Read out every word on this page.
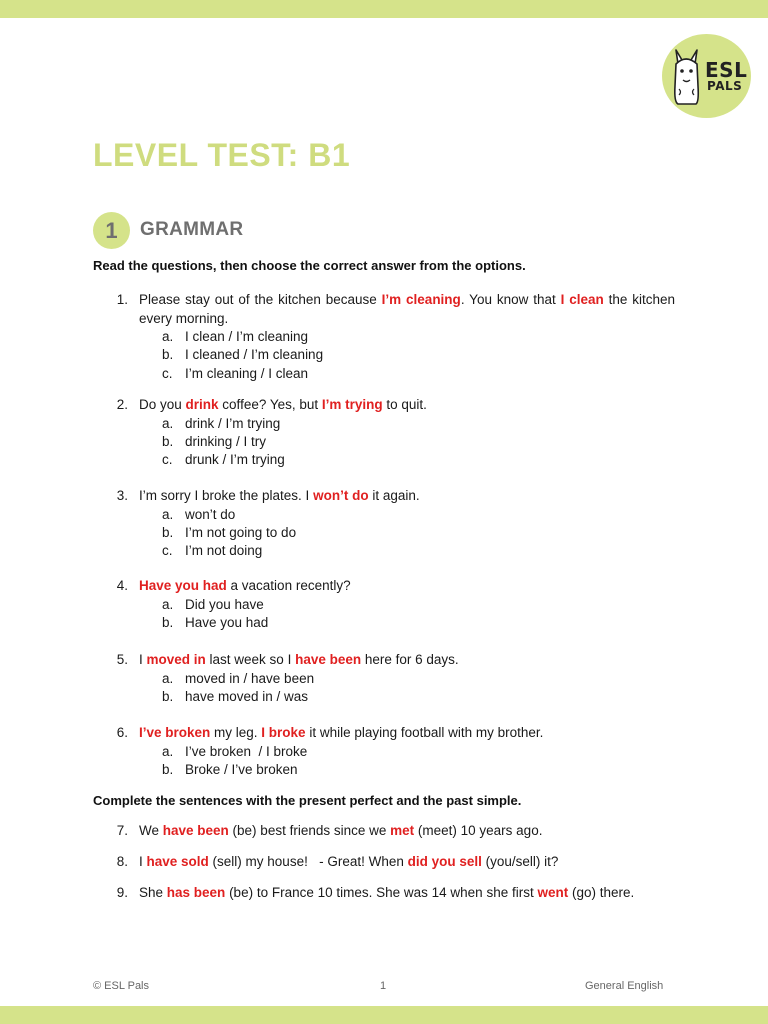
ESL
PALS
LEVEL TEST: B1
1	GRAMMAR
Read the questions, then choose the correct answer from the options.
1. Please stay out of the kitchen because I’m cleaning. You know that I clean the kitchen every morning.
a. I clean / I’m cleaning
b. I cleaned / I’m cleaning
c. I’m cleaning / I clean
2. Do you drink coffee? Yes, but I’m trying to quit.
a. drink / I’m trying
b. drinking / I try
c. drunk / I’m trying
3. I’m sorry I broke the plates. I won’t do it again.
a. won’t do
b. I’m not going to do
c. I’m not doing
4. Have you had a vacation recently?
a. Did you have
b. Have you had
5. I moved in last week so I have been here for 6 days.
a. moved in / have been
b. have moved in / was
6. I’ve broken my leg. I broke it while playing football with my brother.
a. I’ve broken  / I broke
b. Broke / I’ve broken
Complete the sentences with the present perfect and the past simple.
7. We have been (be) best friends since we met (meet) 10 years ago.
8. I have sold (sell) my house!   - Great! When did you sell (you/sell) it?
9. She has been (be) to France 10 times. She was 14 when she first went (go) there.
© ESL Pals	1	General English
